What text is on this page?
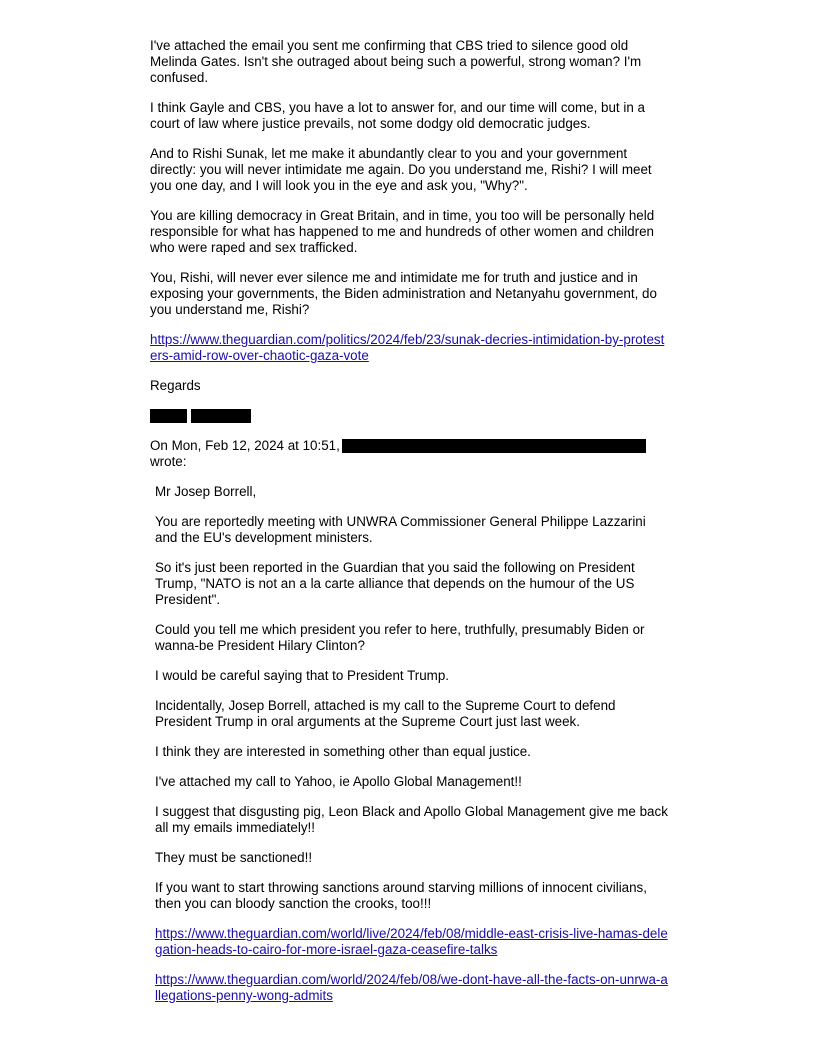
I've attached the email you sent me confirming that CBS tried to silence good old Melinda Gates. Isn't she outraged about being such a powerful, strong woman? I'm confused.

I think Gayle and CBS, you have a lot to answer for, and our time will come, but in a court of law where justice prevails, not some dodgy old democratic judges.

And to Rishi Sunak, let me make it abundantly clear to you and your government directly: you will never intimidate me again. Do you understand me, Rishi? I will meet you one day, and I will look you in the eye and ask you, "Why?".

You are killing democracy in Great Britain, and in time, you too will be personally held responsible for what has happened to me and hundreds of other women and children who were raped and sex trafficked.

You, Rishi, will never ever silence me and intimidate me for truth and justice and in exposing your governments, the Biden administration and Netanyahu government, do you understand me, Rishi?

https://www.theguardian.com/politics/2024/feb/23/sunak-decries-intimidation-by-protesters-amid-row-over-chaotic-gaza-vote

Regards

On Mon, Feb 12, 2024 at 10:51,
wrote:

Mr Josep Borrell,

You are reportedly meeting with UNWRA Commissioner General Philippe Lazzarini and the EU's development ministers.

So it's just been reported in the Guardian that you said the following on President Trump, "NATO is not an a la carte alliance that depends on the humour of the US President".

Could you tell me which president you refer to here, truthfully, presumably Biden or wanna-be President Hilary Clinton?

I would be careful saying that to President Trump.

Incidentally, Josep Borrell, attached is my call to the Supreme Court to defend President Trump in oral arguments at the Supreme Court just last week.

I think they are interested in something other than equal justice.

I've attached my call to Yahoo, ie Apollo Global Management!!

I suggest that disgusting pig, Leon Black and Apollo Global Management give me back all my emails immediately!!

They must be sanctioned!!

If you want to start throwing sanctions around starving millions of innocent civilians, then you can bloody sanction the crooks, too!!!

https://www.theguardian.com/world/live/2024/feb/08/middle-east-crisis-live-hamas-delegation-heads-to-cairo-for-more-israel-gaza-ceasefire-talks

https://www.theguardian.com/world/2024/feb/08/we-dont-have-all-the-facts-on-unrwa-allegations-penny-wong-admits
